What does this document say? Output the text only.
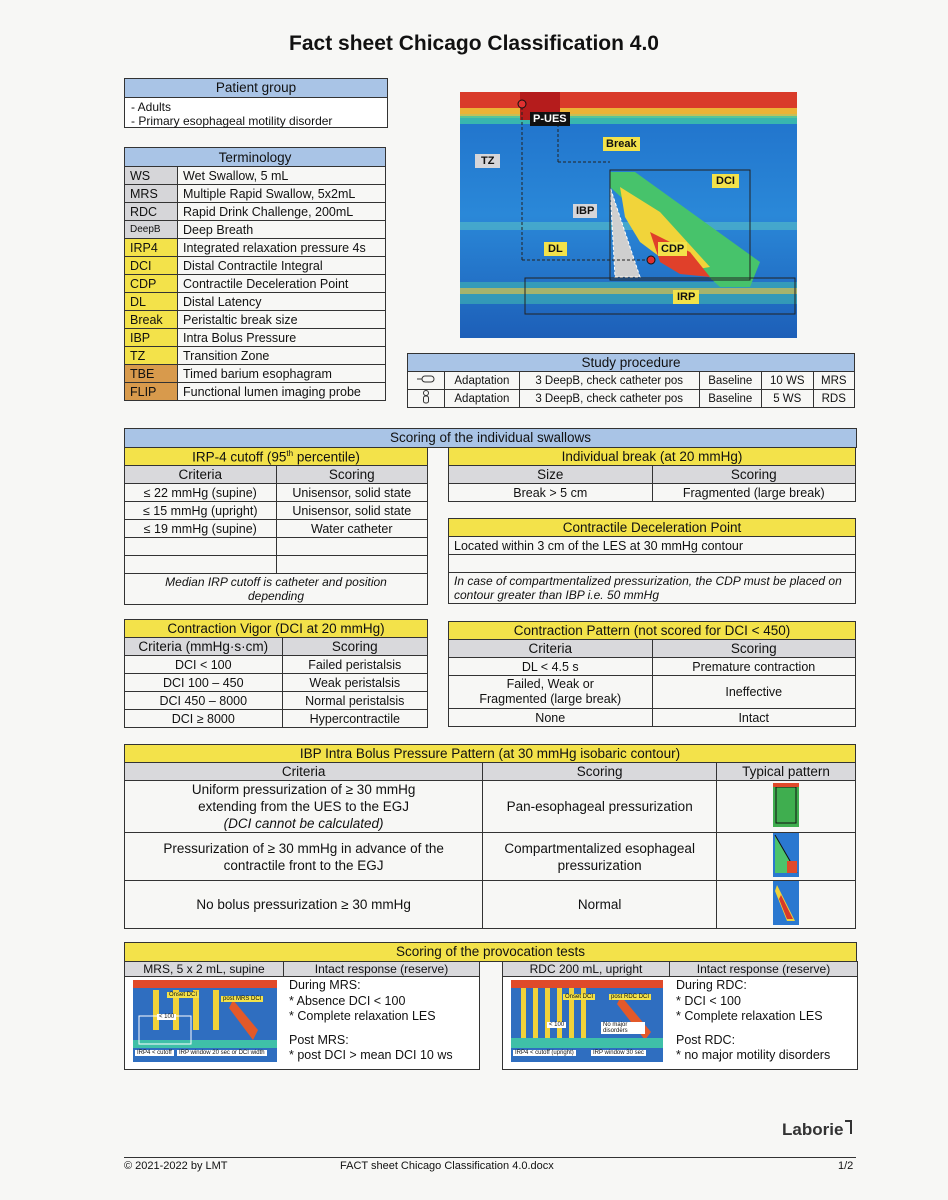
Fact sheet Chicago Classification 4.0
Patient group
- Adults
- Primary esophageal motility disorder
Terminology	
WS	Wet Swallow, 5 mL
MRS	Multiple Rapid Swallow, 5x2mL
RDC	Rapid Drink Challenge, 200mL
DeepB	Deep Breath
IRP4	Integrated relaxation pressure 4s
DCI	Distal Contractile Integral
CDP	Contractile Deceleration Point
DL	Distal Latency
Break	Peristaltic break size
IBP	Intra Bolus Pressure
TZ	Transition Zone
TBE	Timed barium esophagram
FLIP	Functional lumen imaging probe
P-UES
Break
TZ
DCI
IBP
DL	CDP
IRP
Study procedure					
	Adaptation	3 DeepB, check catheter pos	Baseline	10 WS	MRS
	Adaptation	3 DeepB, check catheter pos	Baseline	5 WS	RDS
Scoring of the individual swallows
IRP-4 cutoff (95th percentile)	
Criteria	Scoring
≤ 22 mmHg (supine)	Unisensor, solid state
≤ 15 mmHg (upright)	Unisensor, solid state
≤ 19 mmHg (supine)	Water catheter

Median IRP cutoff is catheter and position depending	
Individual break (at 20 mmHg)	
Size	Scoring
Break > 5 cm	Fragmented (large break)
Contractile Deceleration Point
Located within 3 cm of the LES at 30 mmHg contour

In case of compartmentalized pressurization, the CDP must be placed on contour greater than IBP i.e. 50 mmHg
Contraction Vigor (DCI at 20 mmHg)	
Criteria (mmHg·s·cm)	Scoring
DCI < 100	Failed peristalsis
DCI 100 – 450	Weak peristalsis
DCI 450 – 8000	Normal peristalsis
DCI ≥ 8000	Hypercontractile
Contraction Pattern (not scored for DCI < 450)	
Criteria	Scoring
DL < 4.5 s	Premature contraction
Failed, Weak or
Fragmented (large break)	Ineffective
None	Intact
IBP Intra Bolus Pressure Pattern (at 30 mmHg isobaric contour)		
Criteria	Scoring	Typical pattern
Uniform pressurization of ≥ 30 mmHg
extending from the UES to the EGJ
(DCI cannot be calculated)	Pan-esophageal pressurization	
Pressurization of ≥ 30 mmHg in advance of the
contractile front to the EGJ	Compartmentalized esophageal
pressurization	
No bolus pressurization ≥ 30 mmHg	Normal	
Scoring of the provocation tests
MRS, 5 x 2 mL, supine	Intact response (reserve)
Onset DCI
post MRS DCI
< 100
IRP4 < cutoff	IRP window 20 sec or DCI width
During MRS:
* Absence DCI < 100
* Complete relaxation LES
Post MRS:
* post DCI > mean DCI 10 ws
RDC 200 mL, upright	Intact response (reserve)
Onset DCI	post RDC DCI
< 100	No major disorders
IRP4 < cutoff (upright)	IRP window 30 sec
During RDC:
* DCI < 100
* Complete relaxation LES
Post RDC:
* no major motility disorders
Laborie
© 2021-2022 by LMT	FACT sheet Chicago Classification 4.0.docx	1/2
